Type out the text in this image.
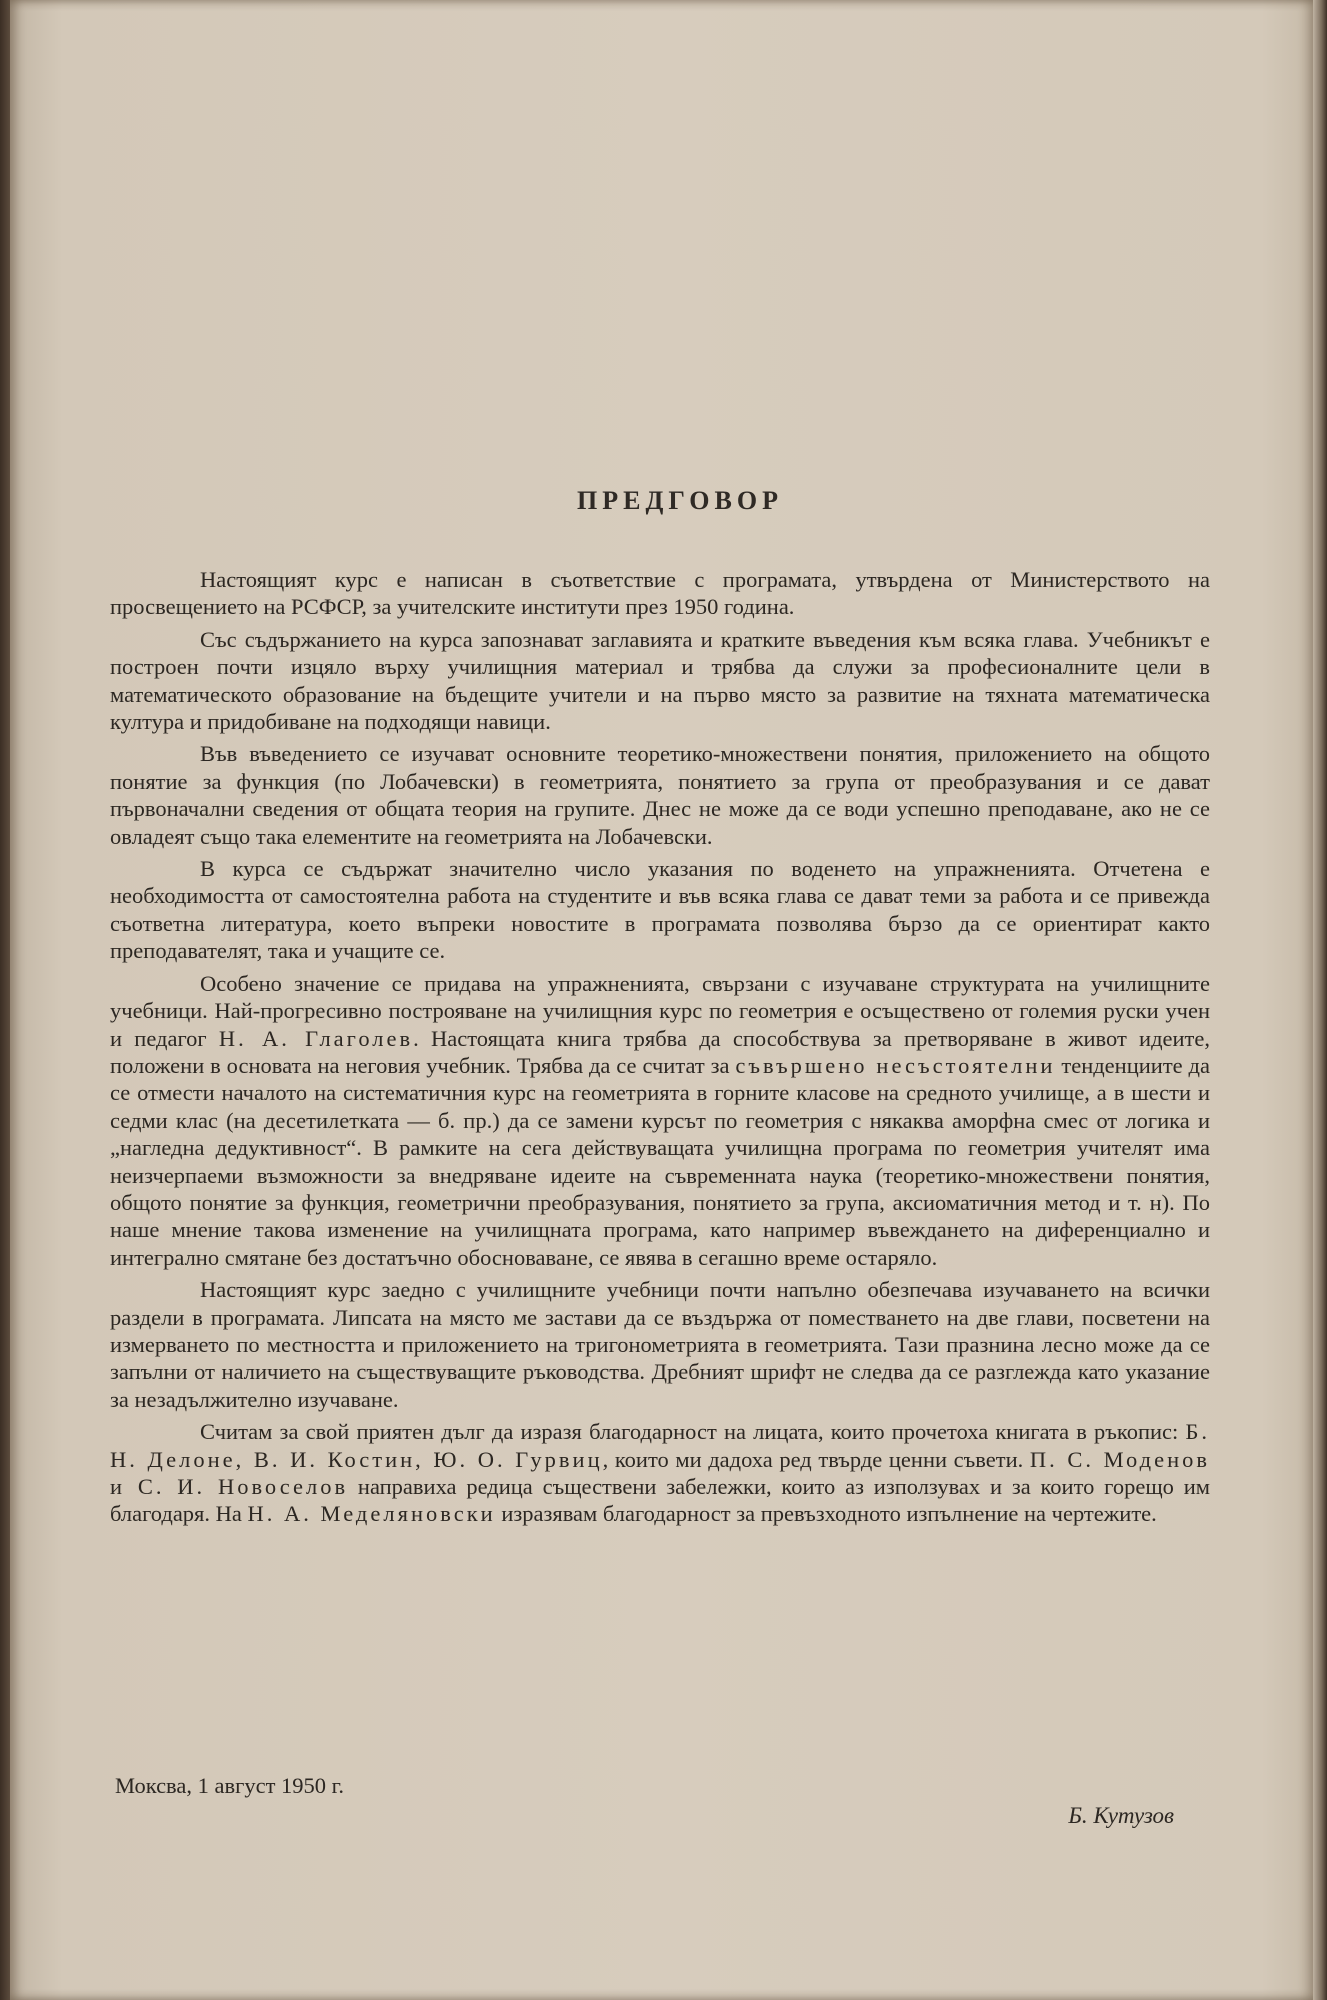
ПРЕДГОВОР

Настоящият курс е написан в съответствие с програмата, утвърдена от Министерството на просвещението на РСФСР, за учителските институти през 1950 година.

Със съдържанието на курса запознават заглавията и кратките въведения към всяка глава. Учебникът е построен почти изцяло върху училищния материал и трябва да служи за професионалните цели в математическото образование на бъдещите учители и на първо място за развитие на тяхната математическа култура и придобиване на подходящи навици.

Във въведението се изучават основните теоретико-множествени понятия, приложението на общото понятие за функция (по Лобачевски) в геометрията, понятието за група от преобразувания и се дават първоначални сведения от общата теория на групите. Днес не може да се води успешно преподаване, ако не се овладеят също така елементите на геометрията на Лобачевски.

В курса се съдържат значително число указания по воденето на упражненията. Отчетена е необходимостта от самостоятелна работа на студентите и във всяка глава се дават теми за работа и се привежда съответна литература, което въпреки новостите в програмата позволява бързо да се ориентират както преподавателят, така и учащите се.

Особено значение се придава на упражненията, свързани с изучаване структурата на училищните учебници. Най-прогресивно построяване на училищния курс по геометрия е осъществено от големия руски учен и педагог Н. А. Глаголев. Настоящата книга трябва да способствува за претворяване в живот идеите, положени в основата на неговия учебник. Трябва да се считат за съвършено несъстоятелни тенденциите да се отмести началото на систематичния курс на геометрията в горните класове на средното училище, а в шести и седми клас (на десетилетката — б. пр.) да се замени курсът по геометрия с някаква аморфна смес от логика и „нагледна дедуктивност“. В рамките на сега действуващата училищна програма по геометрия учителят има неизчерпаеми възможности за внедряване идеите на съвременната наука (теоретико-множествени понятия, общото понятие за функция, геометрични преобразувания, понятието за група, аксиоматичния метод и т. н). По наше мнение такова изменение на училищната програма, като например въвеждането на диференциално и интегрално смятане без достатъчно обосноваване, се явява в сегашно време остаряло.

Настоящият курс заедно с училищните учебници почти напълно обезпечава изучаването на всички раздели в програмата. Липсата на място ме застави да се въздържа от поместването на две глави, посветени на измерването по местността и приложението на тригонометрията в геометрията. Тази празнина лесно може да се запълни от наличието на съществуващите ръководства. Дребният шрифт не следва да се разглежда като указание за незадължително изучаване.

Считам за свой приятен дълг да изразя благодарност на лицата, които прочетоха книгата в ръкопис: Б. Н. Делоне, В. И. Костин, Ю. О. Гурвиц, които ми дадоха ред твърде ценни съвети. П. С. Моденов и С. И. Новоселов направиха редица съществени забележки, които аз използувах и за които горещо им благодаря. На Н. А. Меделяновски изразявам благодарност за превъзходното изпълнение на чертежите.

Моксва, 1 август 1950 г.
Б. Кутузов
